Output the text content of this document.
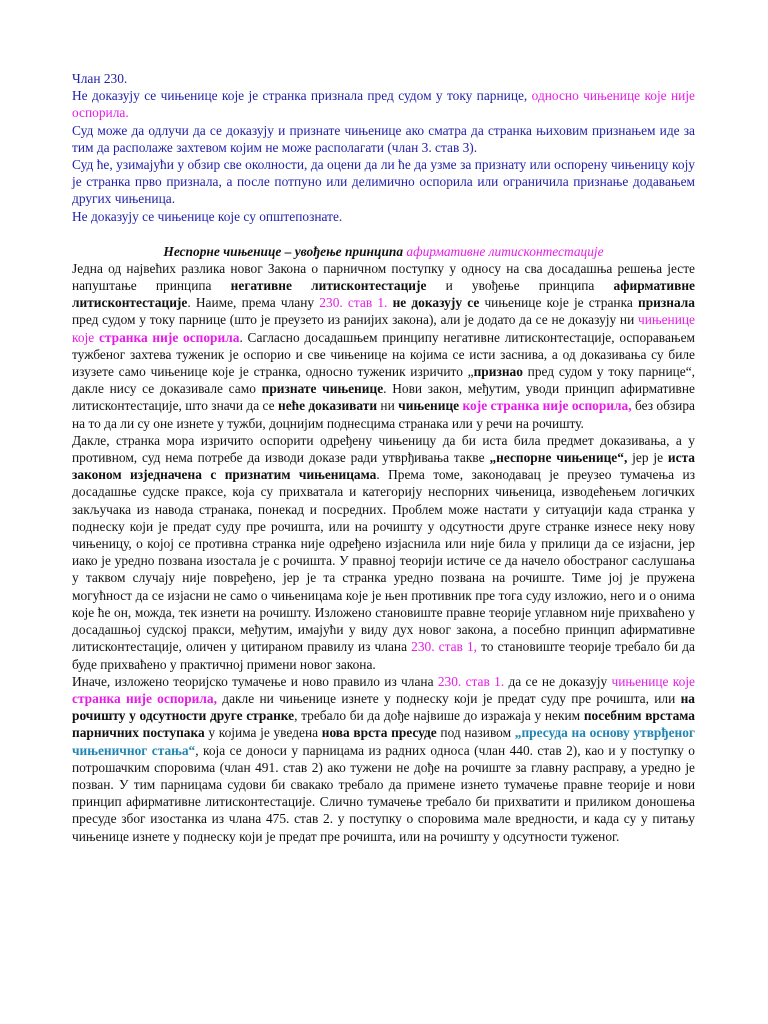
Члан 230.

Не доказују се чињенице које је странка признала пред судом у току парнице, односно чињенице које није оспорила.

Суд може да одлучи да се доказују и признате чињенице ако сматра да странка њиховим признањем иде за тим да располаже захтевом којим не може располагати (члан 3. став 3).

Суд ће, узимајући у обзир све околности, да оцени да ли ће да узме за признату или оспорену чињеницу коју је странка прво признала, а после потпуно или делимично оспорила или ограничила признање додавањем других чињеница.

Не доказују се чињенице које су општепознате.

Неспорне чињенице – увођење принципа афирмативне литисконтестације

Једна од највећих разлика новог Закона о парничном поступку у односу на сва досадашња решења јесте напуштање принципа негативне литисконтестације и увођење принципа афирмативне литисконтестације. Наиме, према члану 230. став 1. не доказују се чињенице које је странка признала пред судом у току парнице (што је преузето из ранијих закона), али је додато да се не доказују ни чињенице које странка није оспорила. Сагласно досадашњем принципу негативне литисконтестације, оспоравањем тужбеног захтева туженик је оспорио и све чињенице на којима се исти заснива, а од доказивања су биле изузете само чињенице које је странка, односно туженик изричито „признао пред судом у току парнице“, дакле нису се доказивале само признате чињенице. Нови закон, међутим, уводи принцип афирмативне литисконтестације, што значи да се неће доказивати ни чињенице које странка није оспорила, без обзира на то да ли су оне изнете у тужби, доцнијим поднесцима странака или у речи на рочишту.

Дакле, странка мора изричито оспорити одређену чињеницу да би иста била предмет доказивања, а у противном, суд нема потребе да изводи доказе ради утврђивања такве „неспорне чињенице“, јер је иста законом изједначена с признатим чињеницама. Према томе, законодавац је преузео тумачења из досадашње судске праксе, која су прихватала и категорију неспорних чињеница, изводећењем логичких закључака из навода странака, понекад и посредних. Проблем може настати у ситуацији када странка у поднеску који је предат суду пре рочишта, или на рочишту у одсутности друге странке изнесе неку нову чињеницу, о којој се противна странка није одређено изјаснила или није била у прилици да се изјасни, јер иако је уредно позвана изостала је с рочишта. У правној теорији истиче се да начело обостраног саслушања у таквом случају није повређено, јер је та странка уредно позвана на рочиште. Тиме јој је пружена могућност да се изјасни не само о чињеницама које је њен противник пре тога суду изложио, него и о онима које ће он, можда, тек изнети на рочишту. Изложено становиште правне теорије углавном није прихваћено у досадашњој судској пракси, међутим, имајући у виду дух новог закона, а посебно принцип афирмативне литисконтестације, оличен у цитираном правилу из члана 230. став 1, то становиште теорије требало би да буде прихваћено у практичној примени новог закона.

Иначе, изложено теоријско тумачење и ново правило из члана 230. став 1. да се не доказују чињенице које странка није оспорила, дакле ни чињенице изнете у поднеску који је предат суду пре рочишта, или на рочишту у одсутности друге странке, требало би да дође највише до изражаја у неким посебним врстама парничних поступака у којима је уведена нова врста пресуде под називом „пресуда на основу утврђеног чињеничног стања“, која се доноси у парницама из радних односа (члан 440. став 2), као и у поступку о потрошачким споровима (члан 491. став 2) ако тужени не дође на рочиште за главну расправу, а уредно је позван. У тим парницама судови би свакако требало да примене изнето тумачење правне теорије и нови принцип афирмативне литисконтестације. Слично тумачење требало би прихватити и приликом доношења пресуде због изостанка из члана 475. став 2. у поступку о споровима мале вредности, и када су у питању чињенице изнете у поднеску који је предат пре рочишта, или на рочишту у одсутности туженог.
